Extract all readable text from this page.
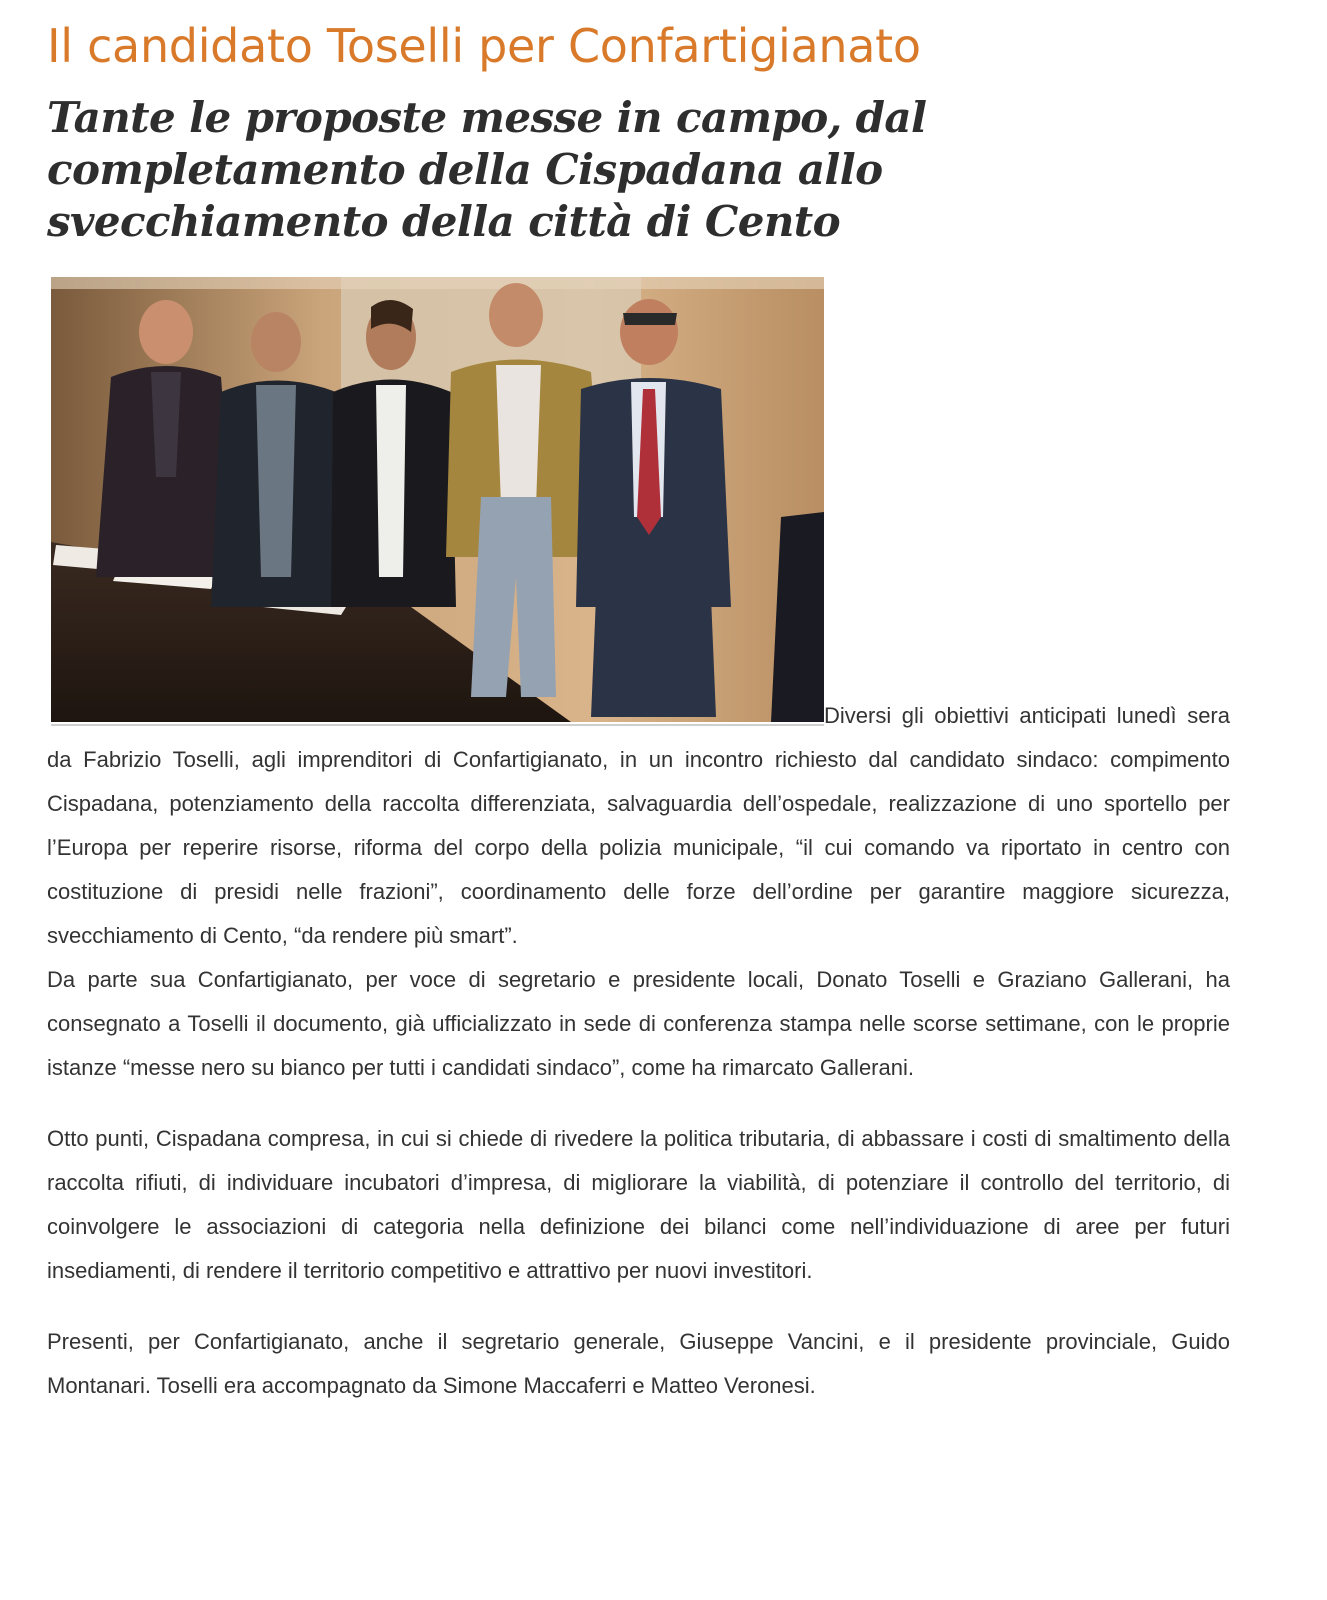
Il candidato Toselli per Confartigianato
Tante le proposte messe in campo, dal completamento della Cispadana allo svecchiamento della città di Cento

Diversi gli obiettivi anticipati lunedì sera da Fabrizio Toselli, agli imprenditori di Confartigianato, in un incontro richiesto dal candidato sindaco: compimento Cispadana, potenziamento della raccolta differenziata, salvaguardia dell’ospedale, realizzazione di uno sportello per l’Europa per reperire risorse, riforma del corpo della polizia municipale, “il cui comando va riportato in centro con costituzione di presidi nelle frazioni”, coordinamento delle forze dell’ordine per garantire maggiore sicurezza, svecchiamento di Cento, “da rendere più smart”.

Da parte sua Confartigianato, per voce di segretario e presidente locali, Donato Toselli e Graziano Gallerani, ha consegnato a Toselli il documento, già ufficializzato in sede di conferenza stampa nelle scorse settimane, con le proprie istanze “messe nero su bianco per tutti i candidati sindaco”, come ha rimarcato Gallerani.

Otto punti, Cispadana compresa, in cui si chiede di rivedere la politica tributaria, di abbassare i costi di smaltimento della raccolta rifiuti, di individuare incubatori d’impresa, di migliorare la viabilità, di potenziare il controllo del territorio, di coinvolgere le associazioni di categoria nella definizione dei bilanci come nell’individuazione di aree per futuri insediamenti, di rendere il territorio competitivo e attrattivo per nuovi investitori.

Presenti, per Confartigianato, anche il segretario generale, Giuseppe Vancini, e il presidente provinciale, Guido Montanari. Toselli era accompagnato da Simone Maccaferri e Matteo Veronesi.
